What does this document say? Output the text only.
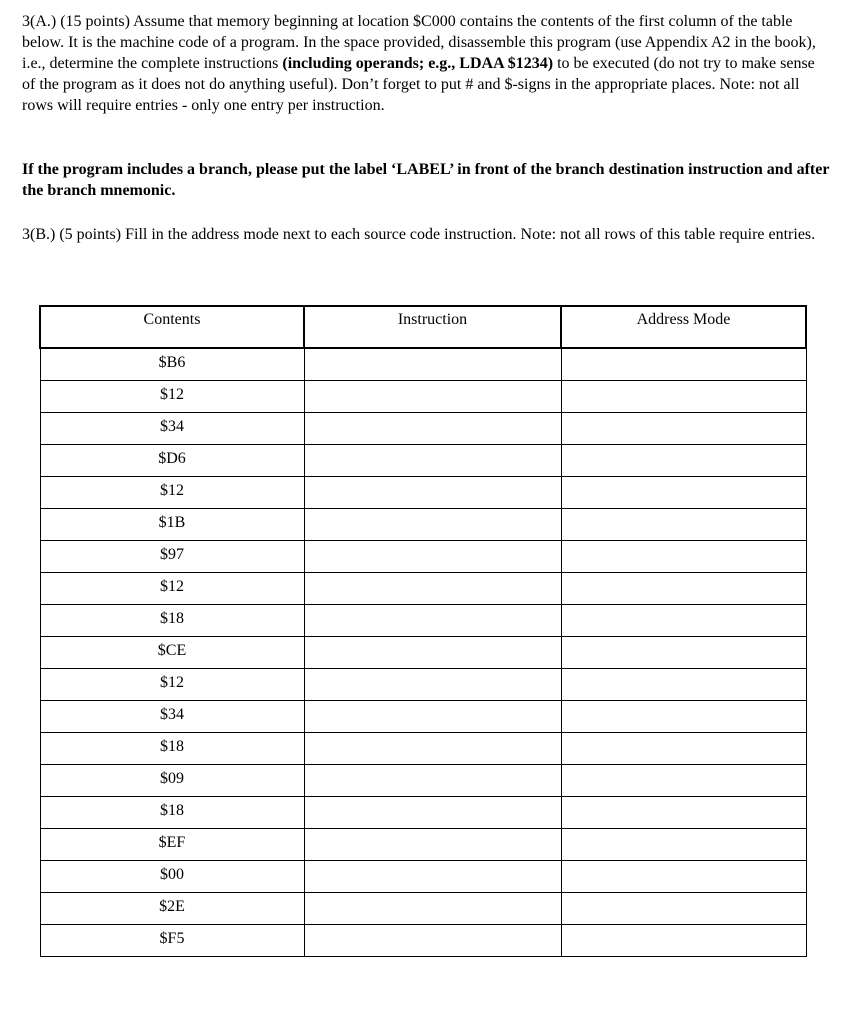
3(A.) (15 points) Assume that memory beginning at location $C000 contains the contents of the first column of the table below. It is the machine code of a program. In the space provided, disassemble this program (use Appendix A2 in the book), i.e., determine the complete instructions (including operands; e.g., LDAA $1234) to be executed (do not try to make sense of the program as it does not do anything useful). Don’t forget to put # and $-signs in the appropriate places. Note: not all rows will require entries - only one entry per instruction.

If the program includes a branch, please put the label ‘LABEL’ in front of the branch destination instruction and after the branch mnemonic.

3(B.) (5 points) Fill in the address mode next to each source code instruction. Note: not all rows of this table require entries.

Contents	Instruction	Address Mode
$B6		
$12		
$34		
$D6		
$12		
$1B		
$97		
$12		
$18		
$CE		
$12		
$34		
$18		
$09		
$18		
$EF		
$00		
$2E		
$F5		
